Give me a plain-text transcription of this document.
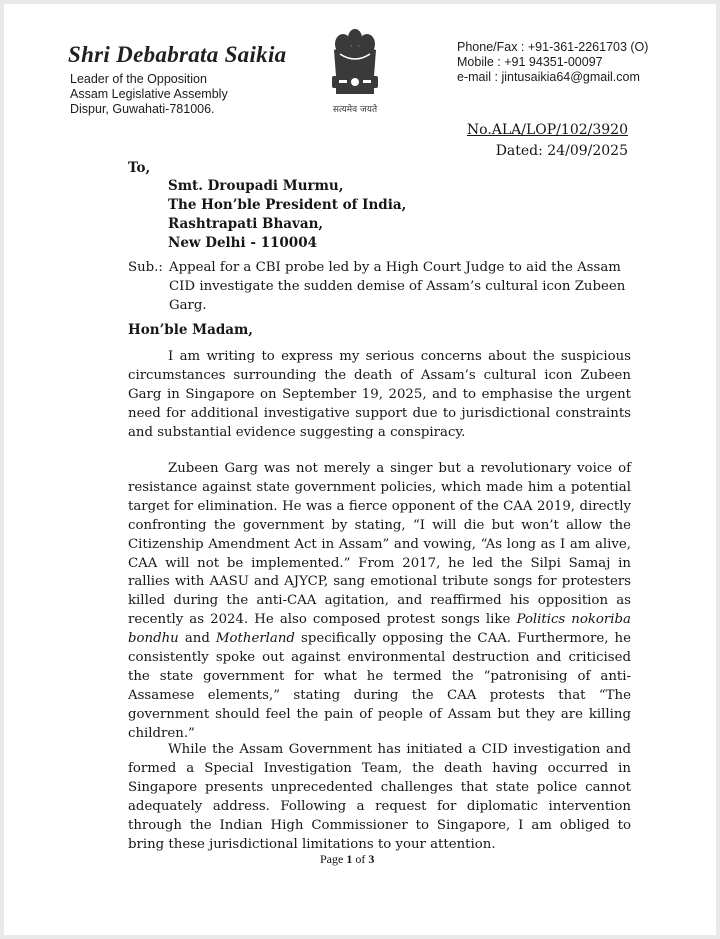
Shri Debabrata Saikia
Leader of the Opposition
Assam Legislative Assembly
Dispur, Guwahati-781006.	सत्यमेव जयते
Phone/Fax : +91-361-2261703 (O)
Mobile : +91 94351-00097
e-mail : jintusaikia64@gmail.com
No.ALA/LOP/102/3920
Dated: 24/09/2025
To,
Smt. Droupadi Murmu,
The Hon’ble President of India,
Rashtrapati Bhavan,
New Delhi - 110004
Sub.: Appeal for a CBI probe led by a High Court Judge to aid the Assam CID investigate the sudden demise of Assam’s cultural icon Zubeen Garg.
Hon’ble Madam,
I am writing to express my serious concerns about the suspicious circumstances surrounding the death of Assam’s cultural icon Zubeen Garg in Singapore on September 19, 2025, and to emphasise the urgent need for additional investigative support due to jurisdictional constraints and substantial evidence suggesting a conspiracy.
Zubeen Garg was not merely a singer but a revolutionary voice of resistance against state government policies, which made him a potential target for elimination. He was a fierce opponent of the CAA 2019, directly confronting the government by stating, “I will die but won’t allow the Citizenship Amendment Act in Assam” and vowing, “As long as I am alive, CAA will not be implemented.” From 2017, he led the Silpi Samaj in rallies with AASU and AJYCP, sang emotional tribute songs for protesters killed during the anti-CAA agitation, and reaffirmed his opposition as recently as 2024. He also composed protest songs like Politics nokoriba bondhu and Motherland specifically opposing the CAA. Furthermore, he consistently spoke out against environmental destruction and criticised the state government for what he termed the “patronising of anti-Assamese elements,” stating during the CAA protests that “The government should feel the pain of people of Assam but they are killing children.”
While the Assam Government has initiated a CID investigation and formed a Special Investigation Team, the death having occurred in Singapore presents unprecedented challenges that state police cannot adequately address. Following a request for diplomatic intervention through the Indian High Commissioner to Singapore, I am obliged to bring these jurisdictional limitations to your attention.
Page 1 of 3
